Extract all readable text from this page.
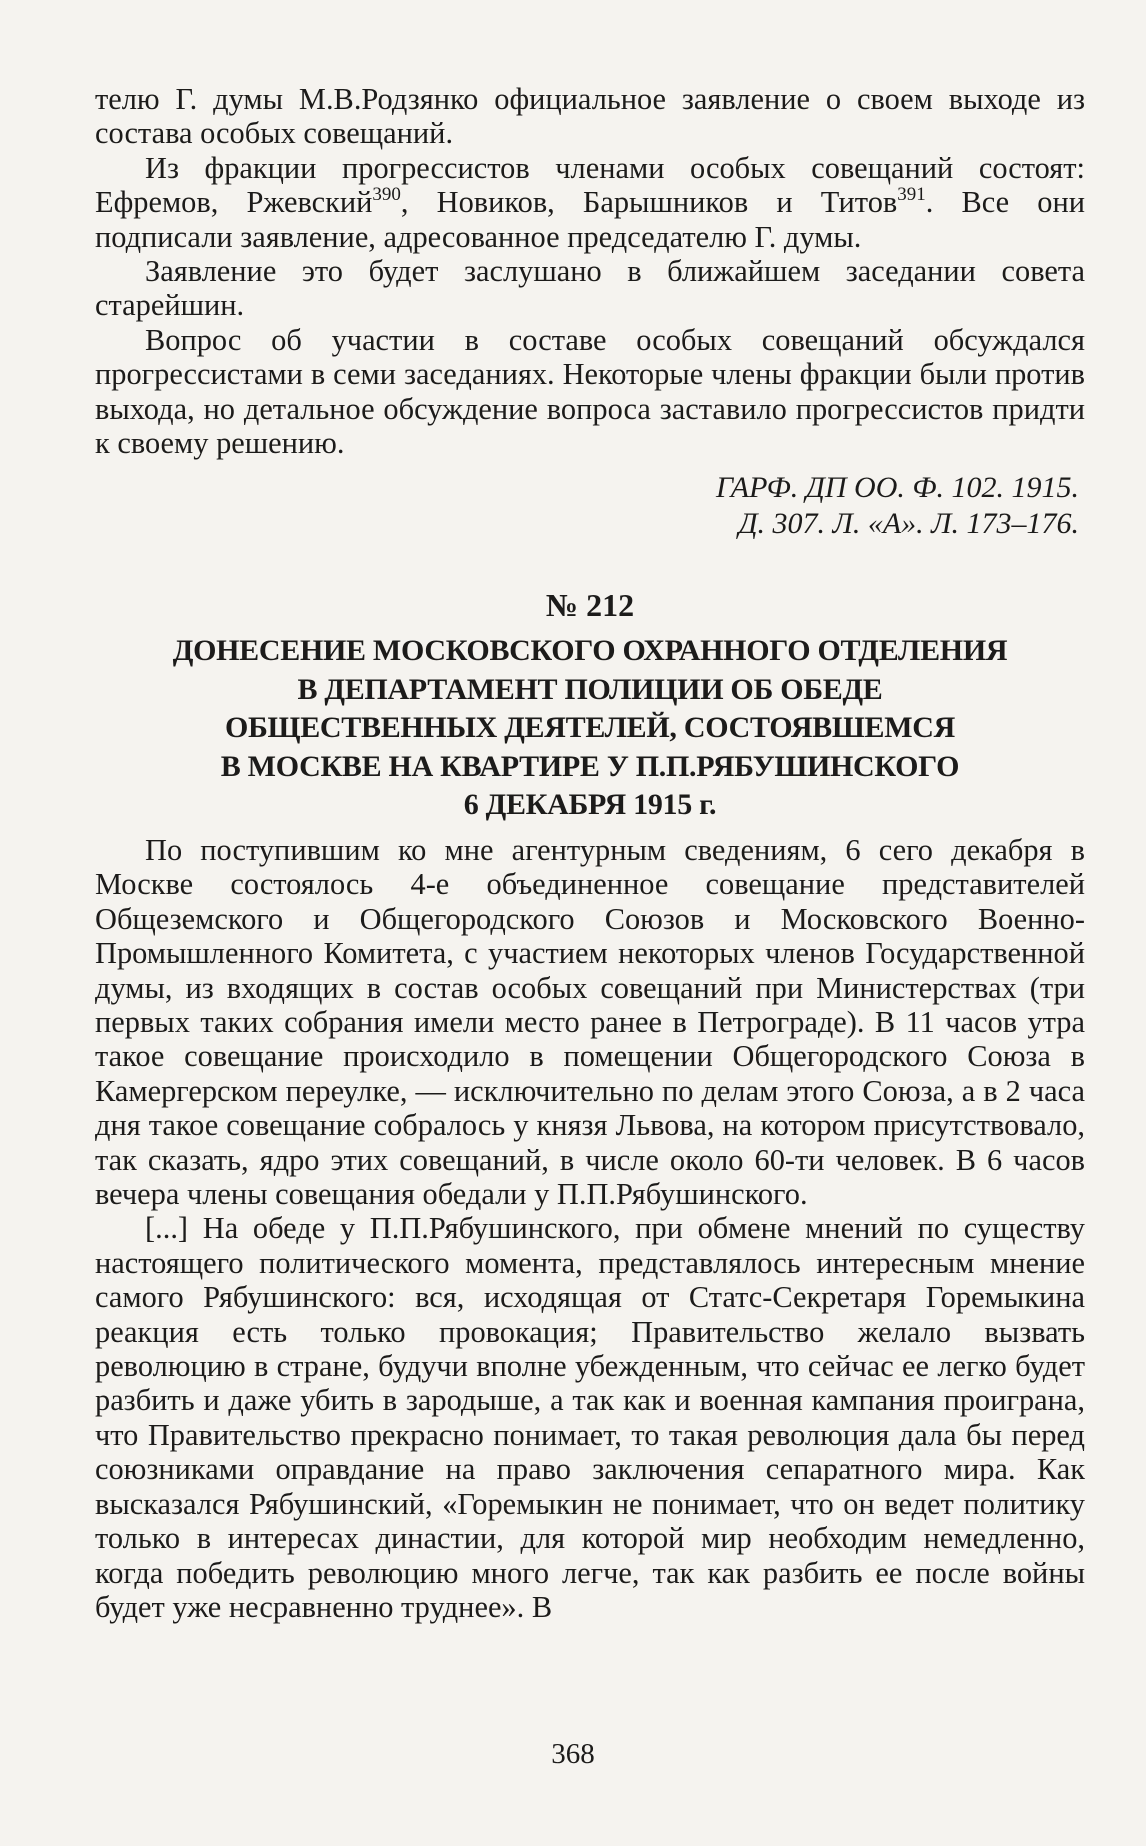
телю Г. думы М.В.Родзянко официальное заявление о своем выходе из состава особых совещаний.

Из фракции прогрессистов членами особых совещаний состоят: Ефремов, Ржевский$^{390}$, Новиков, Барышников и Титов$^{391}$. Все они подписали заявление, адресованное председателю Г. думы.

Заявление это будет заслушано в ближайшем заседании совета старейшин.

Вопрос об участии в составе особых совещаний обсуждался прогрессистами в семи заседаниях. Некоторые члены фракции были против выхода, но детальное обсуждение вопроса заставило прогрессистов придти к своему решению.

ГАРФ. ДП ОО. Ф. 102. 1915.
Д. 307. Л. «А». Л. 173–176.
№ 212
ДОНЕСЕНИЕ МОСКОВСКОГО ОХРАННОГО ОТДЕЛЕНИЯ
В ДЕПАРТАМЕНТ ПОЛИЦИИ ОБ ОБЕДЕ
ОБЩЕСТВЕННЫХ ДЕЯТЕЛЕЙ, СОСТОЯВШЕМСЯ
В МОСКВЕ НА КВАРТИРЕ У П.П.РЯБУШИНСКОГО
6 ДЕКАБРЯ 1915 г.

По поступившим ко мне агентурным сведениям, 6 сего декабря в Москве состоялось 4-е объединенное совещание представителей Общеземского и Общегородского Союзов и Московского Военно-Промышленного Комитета, с участием некоторых членов Государственной думы, из входящих в состав особых совещаний при Министерствах (три первых таких собрания имели место ранее в Петрограде). В 11 часов утра такое совещание происходило в помещении Общегородского Союза в Камергерском переулке, — исключительно по делам этого Союза, а в 2 часа дня такое совещание собралось у князя Львова, на котором присутствовало, так сказать, ядро этих совещаний, в числе около 60-ти человек. В 6 часов вечера члены совещания обедали у П.П.Рябушинского.

[...] На обеде у П.П.Рябушинского, при обмене мнений по существу настоящего политического момента, представлялось интересным мнение самого Рябушинского: вся, исходящая от Статс-Секретаря Горемыкина реакция есть только провокация; Правительство желало вызвать революцию в стране, будучи вполне убежденным, что сейчас ее легко будет разбить и даже убить в зародыше, а так как и военная кампания проиграна, что Правительство прекрасно понимает, то такая революция дала бы перед союзниками оправдание на право заключения сепаратного мира. Как высказался Рябушинский, «Горемыкин не понимает, что он ведет политику только в интересах династии, для которой мир необходим немедленно, когда победить революцию много легче, так как разбить ее после войны будет уже несравненно труднее». В

368
